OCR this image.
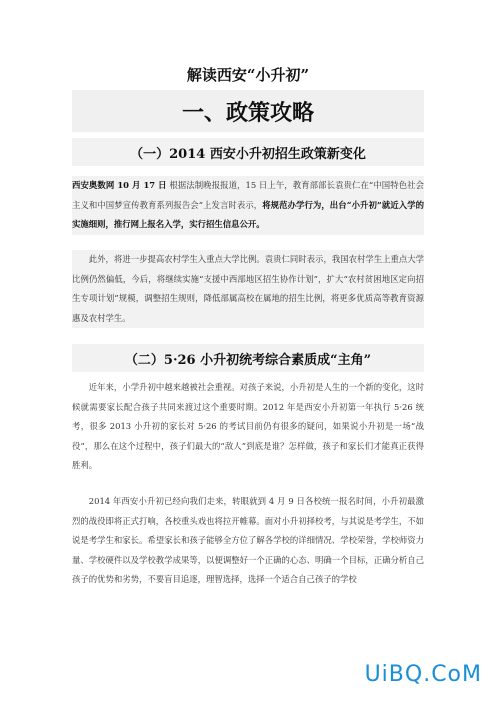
解读西安“小升初”
一、政策攻略
（一）2014 西安小升初招生政策新变化

西安奥数网 10 月 17 日 根据法制晚报报道，15 日上午，教育部部长袁贵仁在“中国特色社会主义和中国梦宣传教育系列报告会”上发言时表示，将规范办学行为，出台“小升初”就近入学的实施细则，推行网上报名入学，实行招生信息公开。

此外，将进一步提高农村学生入重点大学比例。袁贵仁同时表示，我国农村学生上重点大学比例仍然偏低，今后，将继续实施“支援中西部地区招生协作计划”，扩大“农村贫困地区定向招生专项计划”规模，调整招生规则，降低部属高校在属地的招生比例，将更多优质高等教育资源惠及农村学生。

（二）5·26 小升初统考综合素质成“主角”

近年来，小学升初中越来越被社会重视。对孩子来说，小升初是人生的一个新的变化，这时候就需要家长配合孩子共同来渡过这个重要时期。2012 年是西安小升初第一年执行 5·26 统考，很多 2013 小升初的家长对 5·26 的考试目前仍有很多的疑问，如果说小升初是一场“战役”，那么在这个过程中，孩子们最大的“敌人”到底是谁？怎样做，孩子和家长们才能真正获得胜利。

2014 年西安小升初已经向我们走来，转眼就到 4 月 9 日各校统一报名时间，小升初最激烈的战役即将正式打响，各校重头戏也将拉开帷幕。面对小升初择校考，与其说是考学生，不如说是考学生和家长。希望家长和孩子能够全方位了解各学校的详细情况、学校荣誉，学校师资力量、学校硬件以及学校教学成果等，以便调整好一个正确的心态、明确一个目标，正确分析自己孩子的优势和劣势，不要盲目追逐，理智选择，选择一个适合自己孩子的学校

UiBQ.CoM
